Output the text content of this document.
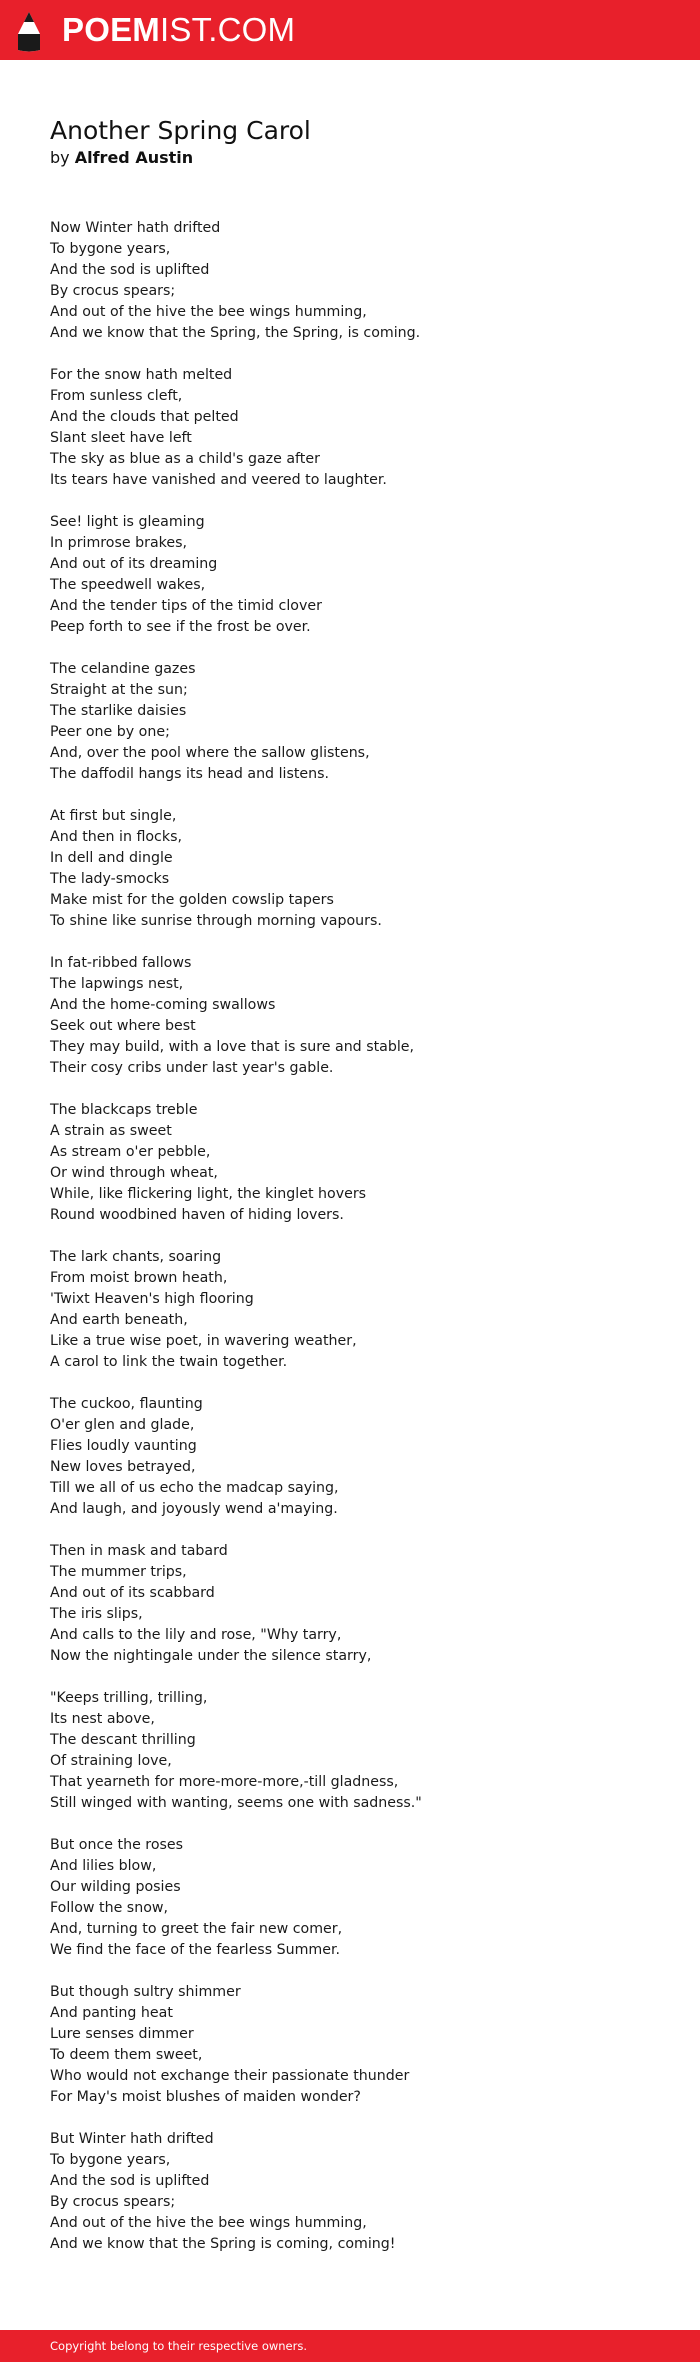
POEMIST.COM
Another Spring Carol
by Alfred Austin

Now Winter hath drifted
To bygone years,
And the sod is uplifted
By crocus spears;
And out of the hive the bee wings humming,
And we know that the Spring, the Spring, is coming.

For the snow hath melted
From sunless cleft,
And the clouds that pelted
Slant sleet have left
The sky as blue as a child's gaze after
Its tears have vanished and veered to laughter.

See! light is gleaming
In primrose brakes,
And out of its dreaming
The speedwell wakes,
And the tender tips of the timid clover
Peep forth to see if the frost be over.

The celandine gazes
Straight at the sun;
The starlike daisies
Peer one by one;
And, over the pool where the sallow glistens,
The daffodil hangs its head and listens.

At first but single,
And then in flocks,
In dell and dingle
The lady-smocks
Make mist for the golden cowslip tapers
To shine like sunrise through morning vapours.

In fat-ribbed fallows
The lapwings nest,
And the home-coming swallows
Seek out where best
They may build, with a love that is sure and stable,
Their cosy cribs under last year's gable.

The blackcaps treble
A strain as sweet
As stream o'er pebble,
Or wind through wheat,
While, like flickering light, the kinglet hovers
Round woodbined haven of hiding lovers.

The lark chants, soaring
From moist brown heath,
'Twixt Heaven's high flooring
And earth beneath,
Like a true wise poet, in wavering weather,
A carol to link the twain together.

The cuckoo, flaunting
O'er glen and glade,
Flies loudly vaunting
New loves betrayed,
Till we all of us echo the madcap saying,
And laugh, and joyously wend a'maying.

Then in mask and tabard
The mummer trips,
And out of its scabbard
The iris slips,
And calls to the lily and rose, "Why tarry,
Now the nightingale under the silence starry,

"Keeps trilling, trilling,
Its nest above,
The descant thrilling
Of straining love,
That yearneth for more-more-more,-till gladness,
Still winged with wanting, seems one with sadness."

But once the roses
And lilies blow,
Our wilding posies
Follow the snow,
And, turning to greet the fair new comer,
We find the face of the fearless Summer.

But though sultry shimmer
And panting heat
Lure senses dimmer
To deem them sweet,
Who would not exchange their passionate thunder
For May's moist blushes of maiden wonder?

But Winter hath drifted
To bygone years,
And the sod is uplifted
By crocus spears;
And out of the hive the bee wings humming,
And we know that the Spring is coming, coming!

Copyright belong to their respective owners.
